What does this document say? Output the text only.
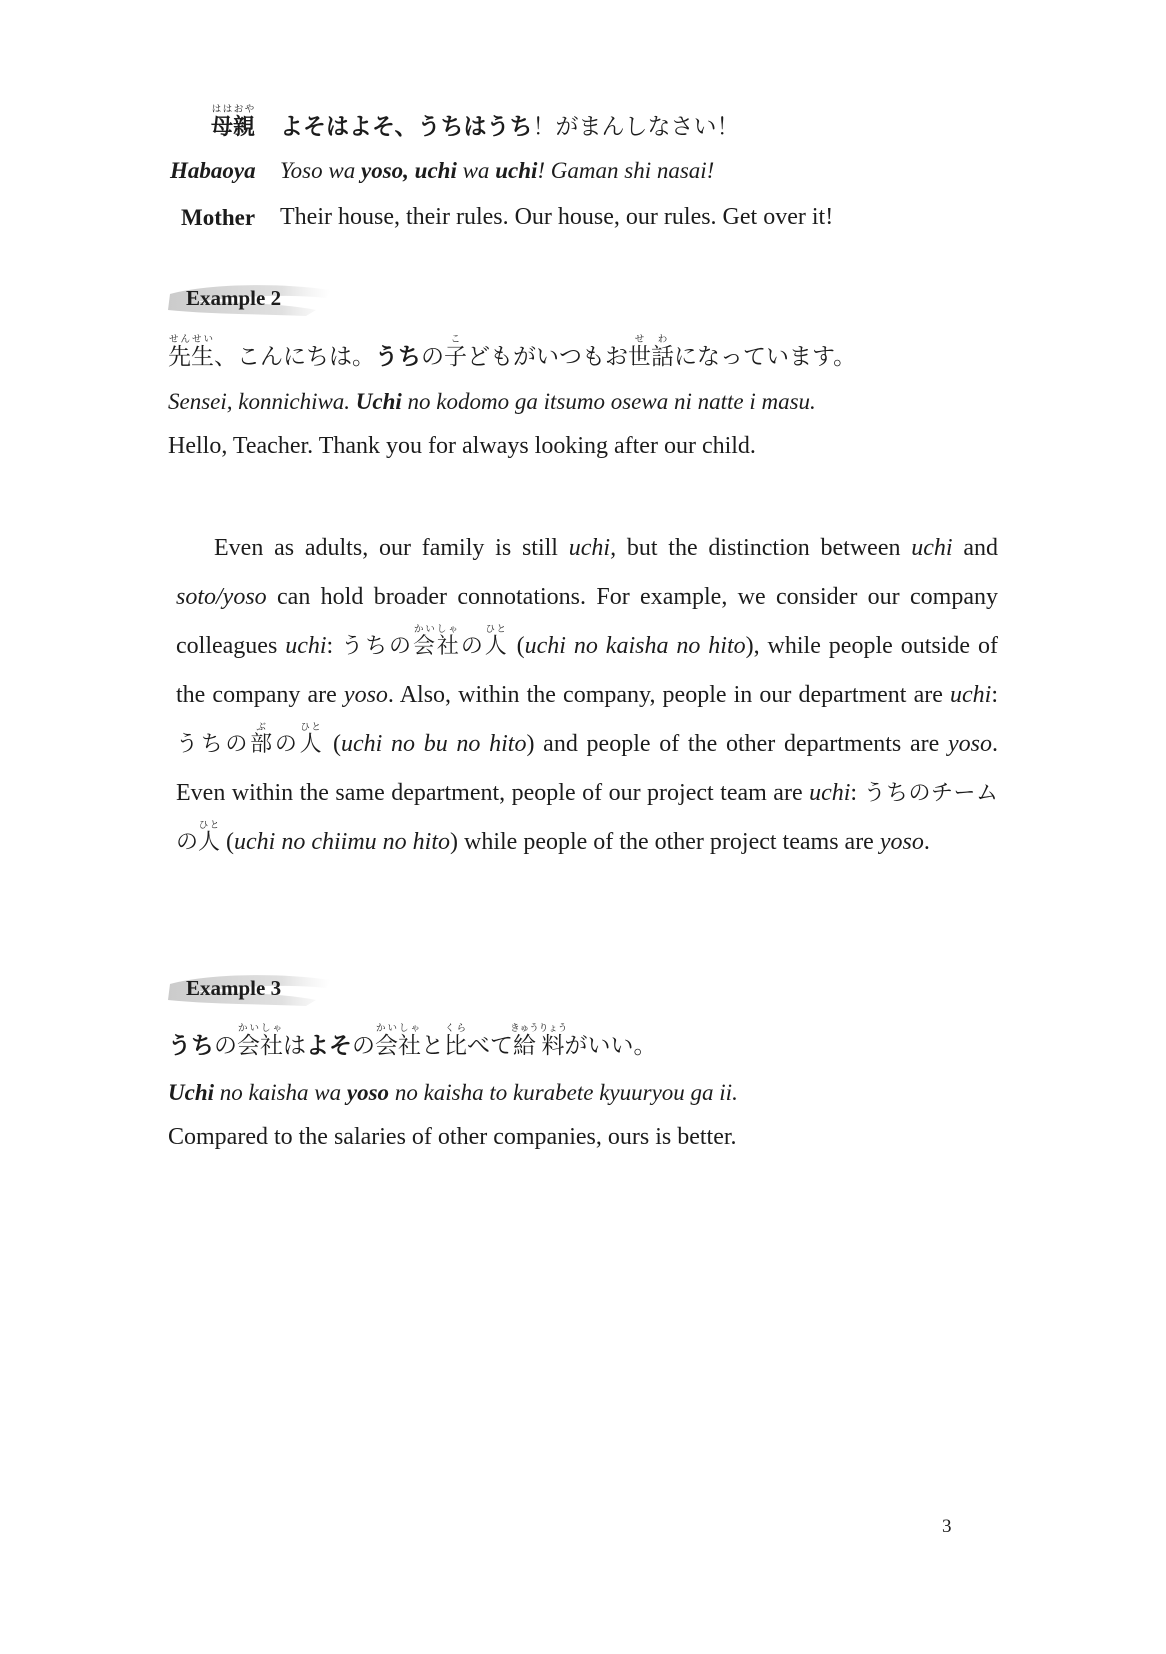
母親ははおや
よそはよそ、うちはうち！がまんしなさい！
Habaoya Yoso wa yoso, uchi wa uchi! Gaman shi nasai!
Mother Their house, their rules. Our house, our rules. Get over it!
Example 2
先生せんせい、こんにちは。うちの子こどもがいつもお世せ話わになっています。
Sensei, konnichiwa. Uchi no kodomo ga itsumo osewa ni natte i masu.
Hello, Teacher. Thank you for always looking after our child.
Even as adults, our family is still uchi, but the distinction between uchi and soto/yoso can hold broader connotations. For example, we consider our company colleagues uchi: うちの会社かいしゃの人ひと (uchi no kaisha no hito), while people outside of the company are yoso. Also, within the company, people in our department are uchi: うちの部ぶの人ひと (uchi no bu no hito) and people of the other departments are yoso. Even within the same department, people of our project team are uchi: うちのチームの人ひと (uchi no chiimu no hito) while people of the other project teams are yoso.
Example 3
うちの会社かいしゃはよその会社かいしゃと比くらべて給料きゅうりょうがいい。
Uchi no kaisha wa yoso no kaisha to kurabete kyuuryou ga ii.
Compared to the salaries of other companies, ours is better.
3
